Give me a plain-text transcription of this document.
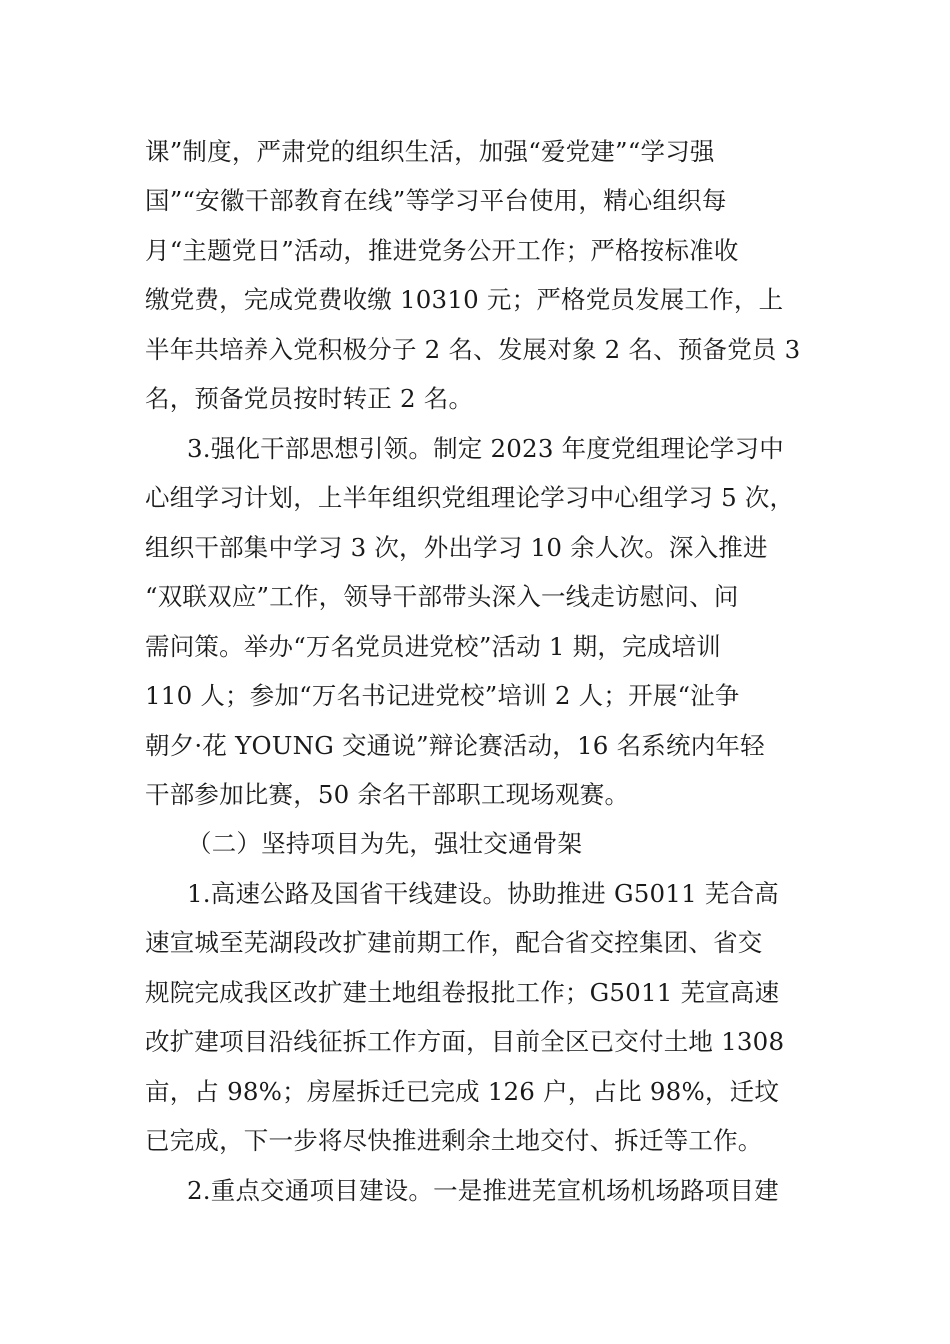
课”制度，严肃党的组织生活，加强“爱党建”“学习强

国”“安徽干部教育在线”等学习平台使用，精心组织每

月“主题党日”活动，推进党务公开工作；严格按标准收

缴党费，完成党费收缴 10310 元；严格党员发展工作，上

半年共培养入党积极分子 2 名、发展对象 2 名、预备党员 3

名，预备党员按时转正 2 名。

3.强化干部思想引领。制定 2023 年度党组理论学习中

心组学习计划，上半年组织党组理论学习中心组学习 5 次，

组织干部集中学习 3 次，外出学习 10 余人次。深入推进

“双联双应”工作，领导干部带头深入一线走访慰问、问

需问策。举办“万名党员进党校”活动 1 期，完成培训

110 人；参加“万名书记进党校”培训 2 人；开展“沚争

朝夕·花 YOUNG 交通说”辩论赛活动，16 名系统内年轻

干部参加比赛，50 余名干部职工现场观赛。

（二）坚持项目为先，强壮交通骨架

1.高速公路及国省干线建设。协助推进 G5011 芜合高

速宣城至芜湖段改扩建前期工作，配合省交控集团、省交

规院完成我区改扩建土地组卷报批工作；G5011 芜宣高速

改扩建项目沿线征拆工作方面，目前全区已交付土地 1308

亩，占 98%；房屋拆迁已完成 126 户，占比 98%，迁坟

已完成，下一步将尽快推进剩余土地交付、拆迁等工作。

2.重点交通项目建设。一是推进芜宣机场机场路项目建
